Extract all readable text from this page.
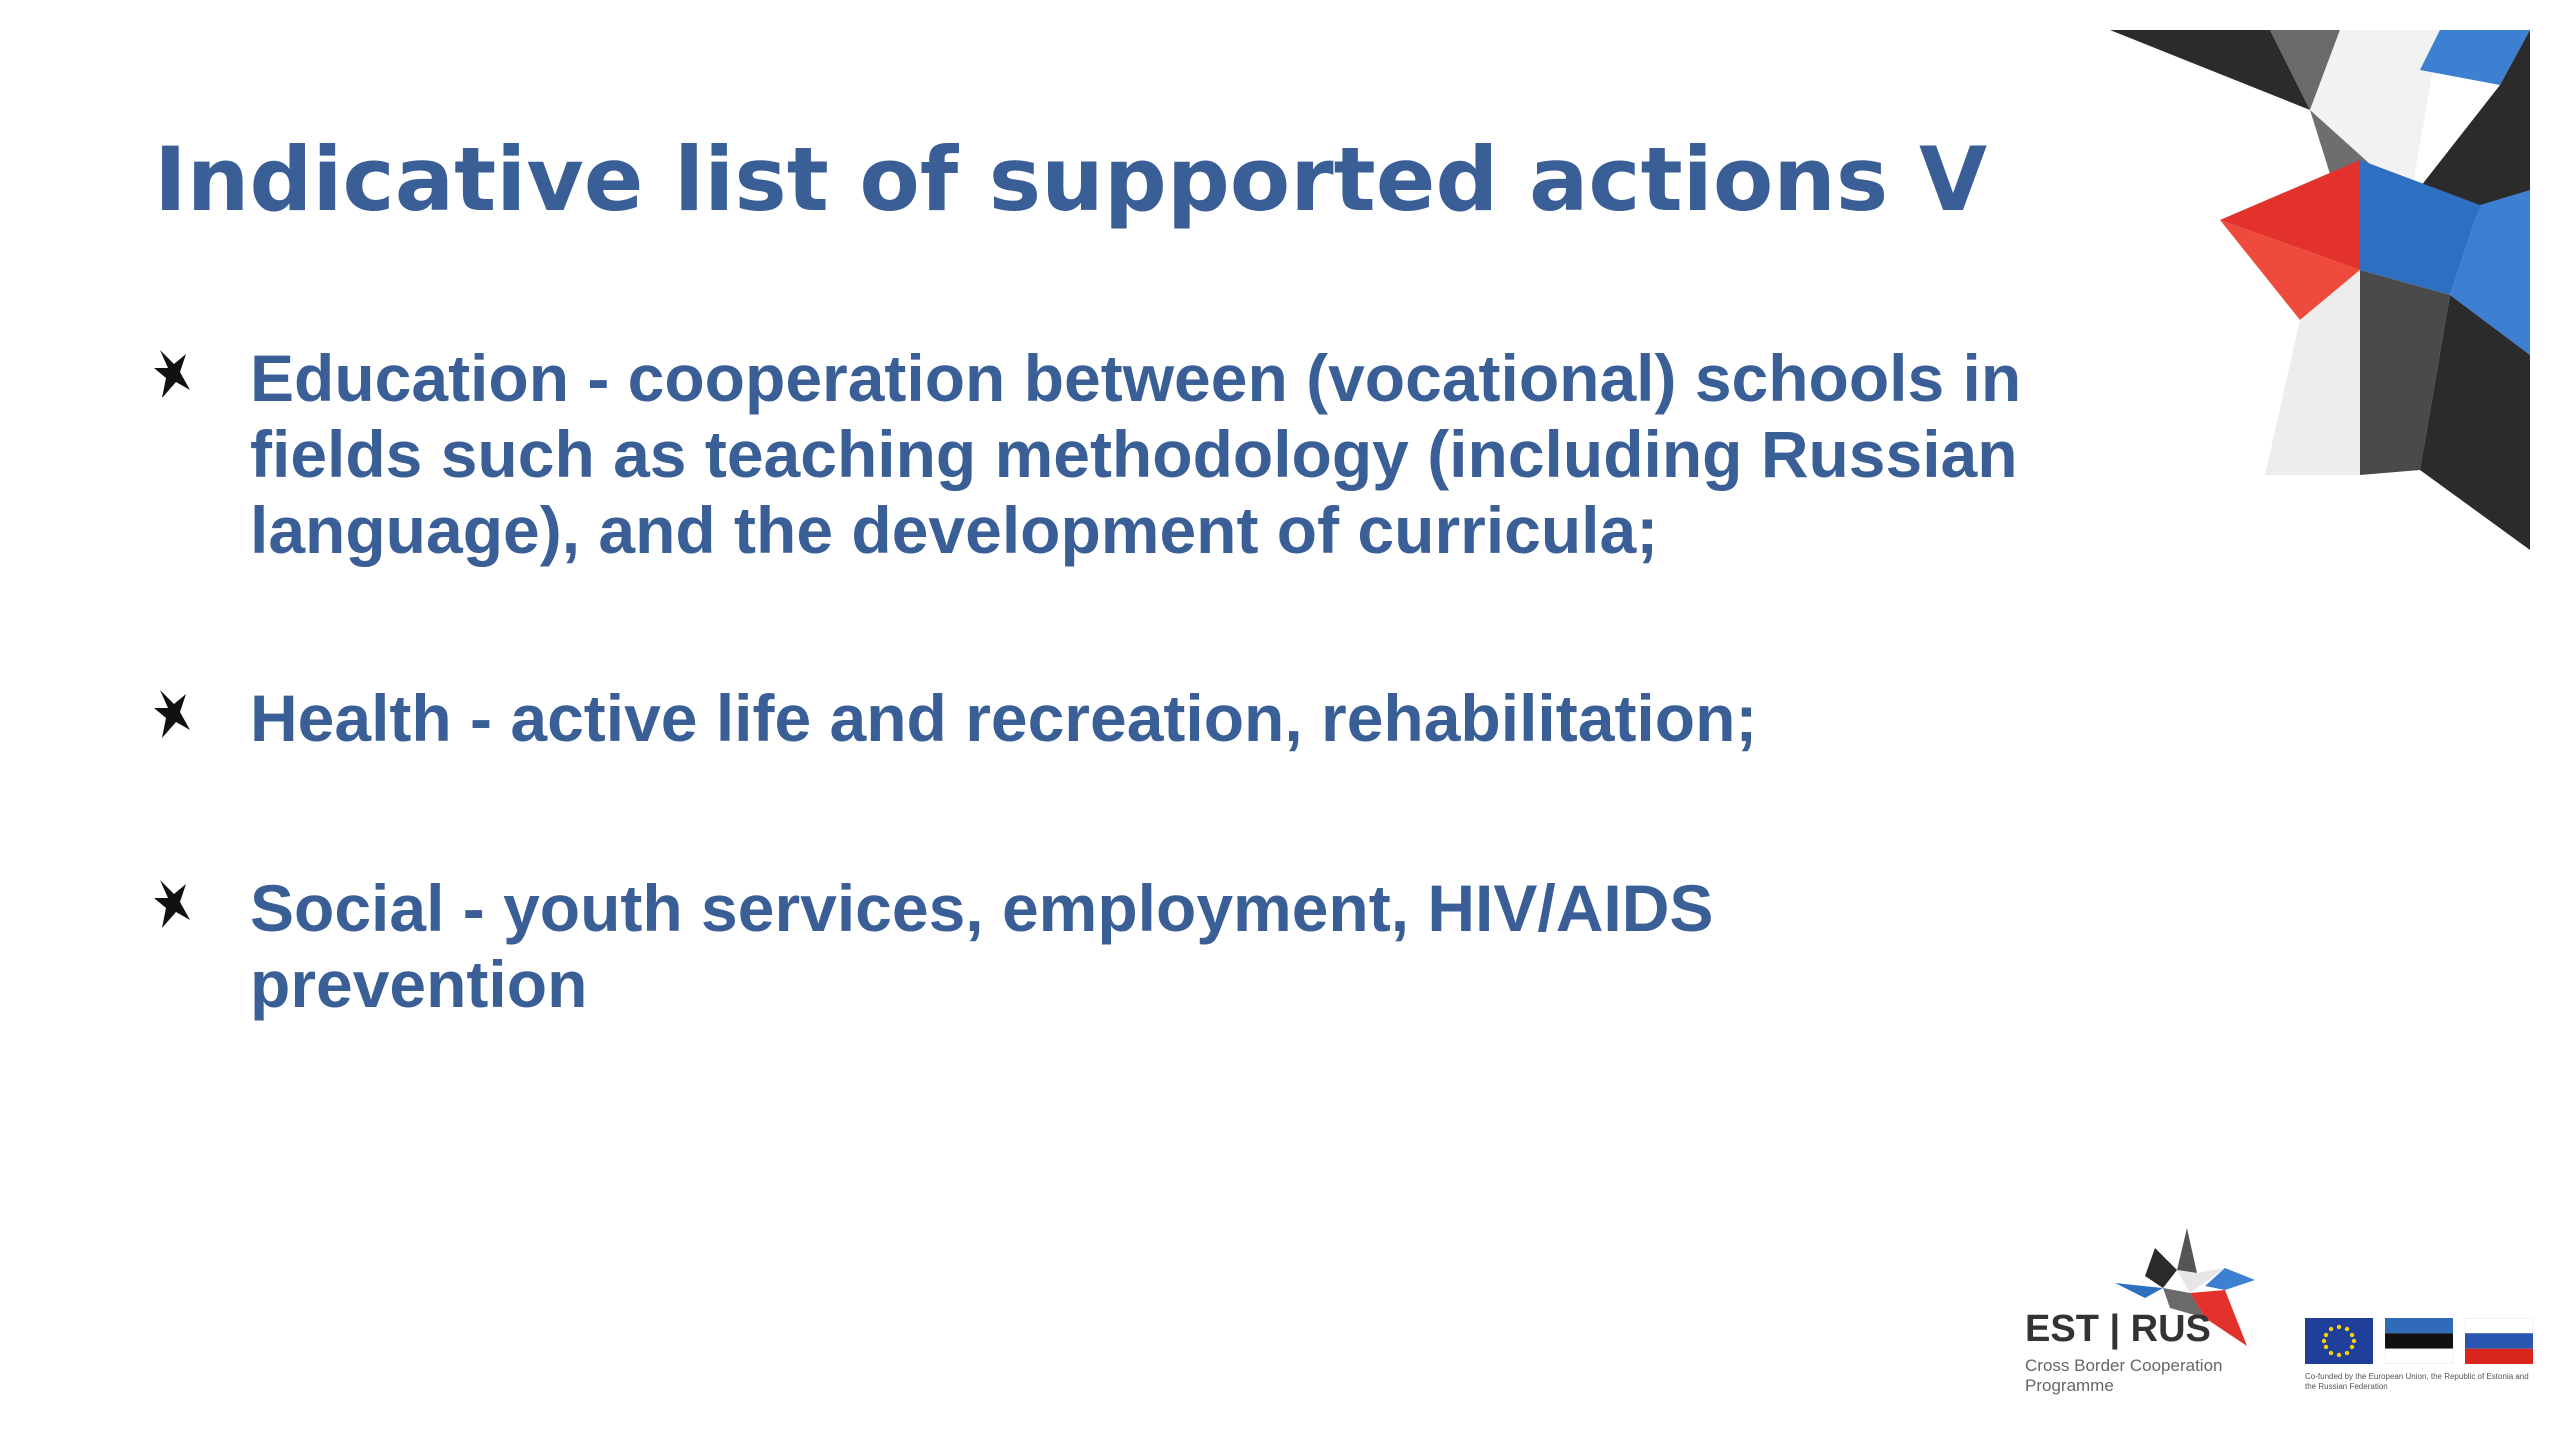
Indicative list of supported actions V
Education - cooperation between (vocational) schools in fields such as teaching methodology (including Russian language), and the development of curricula;
Health - active life and recreation, rehabilitation;
Social - youth services, employment, HIV/AIDS prevention
EST | RUS
Cross Border Cooperation Programme	Co-funded by the European Union, the Republic of Estonia and the Russian Federation
